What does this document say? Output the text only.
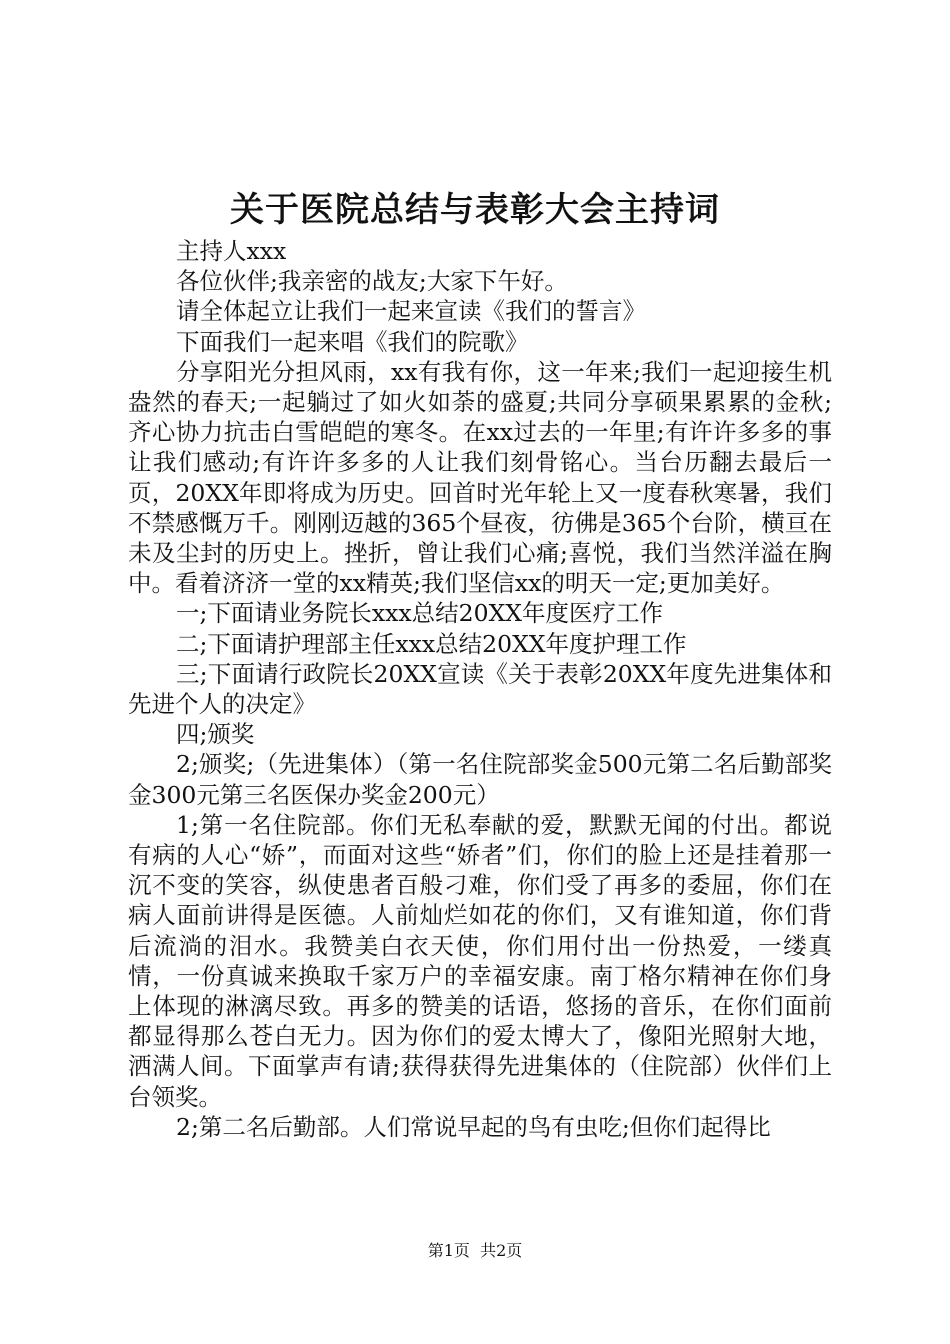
关于医院总结与表彰大会主持词

主持人xxx

各位伙伴;我亲密的战友;大家下午好。

请全体起立让我们一起来宣读《我们的誓言》

下面我们一起来唱《我们的院歌》

分享阳光分担风雨，xx有我有你，这一年来;我们一起迎接生机盎然的春天;一起躺过了如火如荼的盛夏;共同分享硕果累累的金秋;齐心协力抗击白雪皑皑的寒冬。在xx过去的一年里;有许许多多的事让我们感动;有许许多多的人让我们刻骨铭心。当台历翻去最后一页，20XX年即将成为历史。回首时光年轮上又一度春秋寒暑，我们不禁感慨万千。刚刚迈越的365个昼夜，彷佛是365个台阶，横亘在未及尘封的历史上。挫折，曾让我们心痛;喜悦，我们当然洋溢在胸中。看着济济一堂的xx精英;我们坚信xx的明天一定;更加美好。

一;下面请业务院长xxx总结20XX年度医疗工作

二;下面请护理部主任xxx总结20XX年度护理工作

三;下面请行政院长20XX宣读《关于表彰20XX年度先进集体和先进个人的决定》

四;颁奖

2;颁奖;（先进集体）（第一名住院部奖金500元第二名后勤部奖金300元第三名医保办奖金200元）

1;第一名住院部。你们无私奉献的爱，默默无闻的付出。都说有病的人心“娇”，而面对这些“娇者”们，你们的脸上还是挂着那一沉不变的笑容，纵使患者百般刁难，你们受了再多的委屈，你们在病人面前讲得是医德。人前灿烂如花的你们，又有谁知道，你们背后流淌的泪水。我赞美白衣天使，你们用付出一份热爱，一缕真情，一份真诚来换取千家万户的幸福安康。南丁格尔精神在你们身上体现的淋漓尽致。再多的赞美的话语，悠扬的音乐，在你们面前都显得那么苍白无力。因为你们的爱太博大了，像阳光照射大地，洒满人间。下面掌声有请;获得获得先进集体的（住院部）伙伴们上台领奖。

2;第二名后勤部。人们常说早起的鸟有虫吃;但你们起得比

第1页  共2页
